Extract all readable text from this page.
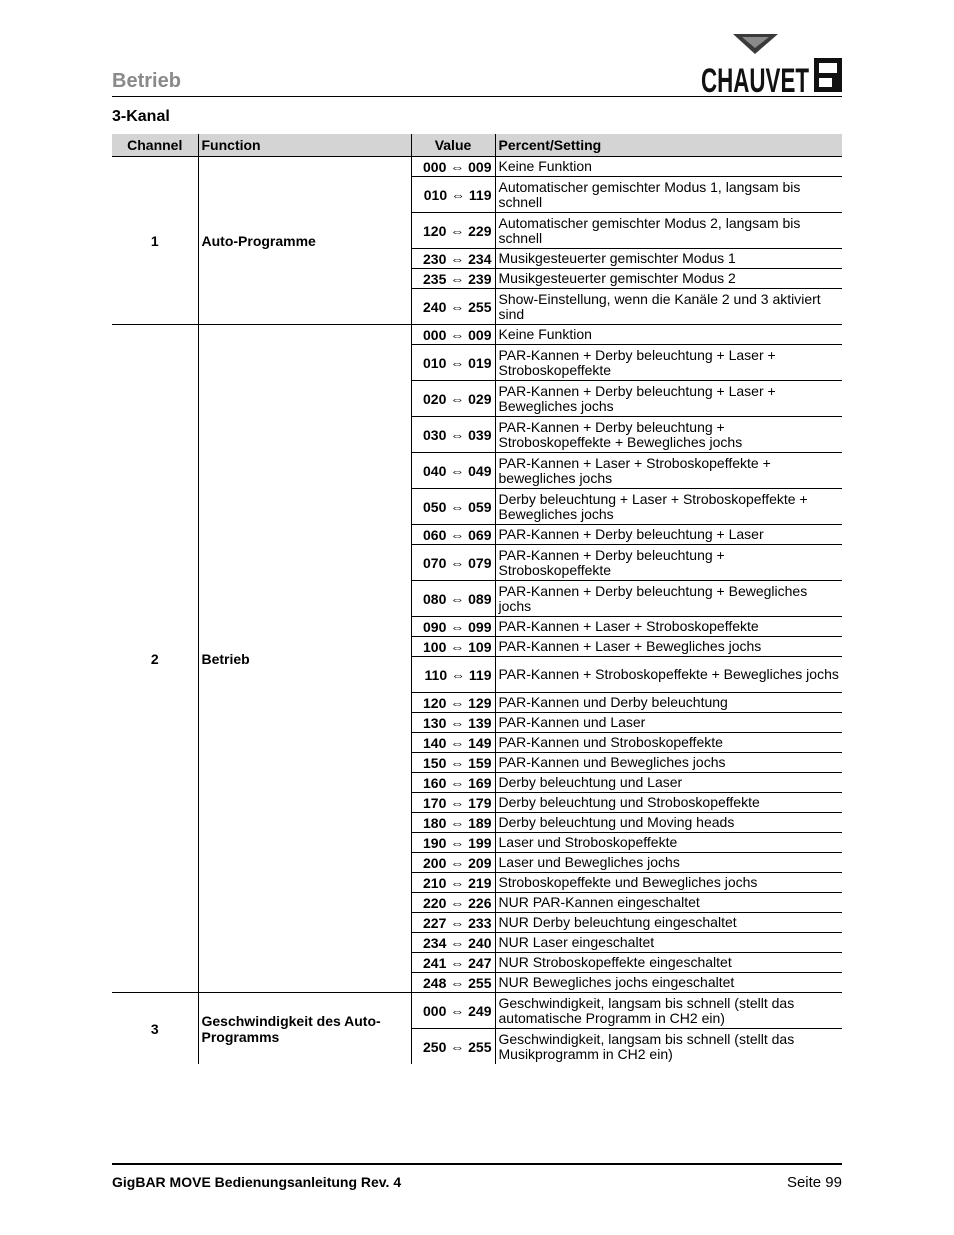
Betrieb	CHAUVET
3-Kanal
Channel	Function	Value	Percent/Setting
1	Auto-Programme	000 ⇔ 009	Keine Funktion
		010 ⇔ 119	Automatischer gemischter Modus 1, langsam bis schnell
		120 ⇔ 229	Automatischer gemischter Modus 2, langsam bis schnell
		230 ⇔ 234	Musikgesteuerter gemischter Modus 1
		235 ⇔ 239	Musikgesteuerter gemischter Modus 2
		240 ⇔ 255	Show-Einstellung, wenn die Kanäle 2 und 3 aktiviert sind
2	Betrieb	000 ⇔ 009	Keine Funktion
		010 ⇔ 019	PAR-Kannen + Derby beleuchtung + Laser + Stroboskopeffekte
		020 ⇔ 029	PAR-Kannen + Derby beleuchtung + Laser + Bewegliches jochs
		030 ⇔ 039	PAR-Kannen + Derby beleuchtung + Stroboskopeffekte + Bewegliches jochs
		040 ⇔ 049	PAR-Kannen + Laser + Stroboskopeffekte + bewegliches jochs
		050 ⇔ 059	Derby beleuchtung + Laser + Stroboskopeffekte + Bewegliches jochs
		060 ⇔ 069	PAR-Kannen + Derby beleuchtung + Laser
		070 ⇔ 079	PAR-Kannen + Derby beleuchtung + Stroboskopeffekte
		080 ⇔ 089	PAR-Kannen + Derby beleuchtung + Bewegliches jochs
		090 ⇔ 099	PAR-Kannen + Laser + Stroboskopeffekte
		100 ⇔ 109	PAR-Kannen + Laser + Bewegliches jochs
		110 ⇔ 119	PAR-Kannen + Stroboskopeffekte + Bewegliches jochs
		120 ⇔ 129	PAR-Kannen und Derby beleuchtung
		130 ⇔ 139	PAR-Kannen und Laser
		140 ⇔ 149	PAR-Kannen und Stroboskopeffekte
		150 ⇔ 159	PAR-Kannen und Bewegliches jochs
		160 ⇔ 169	Derby beleuchtung und Laser
		170 ⇔ 179	Derby beleuchtung und Stroboskopeffekte
		180 ⇔ 189	Derby beleuchtung und Moving heads
		190 ⇔ 199	Laser und Stroboskopeffekte
		200 ⇔ 209	Laser und Bewegliches jochs
		210 ⇔ 219	Stroboskopeffekte und Bewegliches jochs
		220 ⇔ 226	NUR PAR-Kannen eingeschaltet
		227 ⇔ 233	NUR Derby beleuchtung eingeschaltet
		234 ⇔ 240	NUR Laser eingeschaltet
		241 ⇔ 247	NUR Stroboskopeffekte eingeschaltet
		248 ⇔ 255	NUR Bewegliches jochs eingeschaltet
3	Geschwindigkeit des Auto-Programms	000 ⇔ 249	Geschwindigkeit, langsam bis schnell (stellt das automatische Programm in CH2 ein)
		250 ⇔ 255	Geschwindigkeit, langsam bis schnell (stellt das Musikprogramm in CH2 ein)
GigBAR MOVE Bedienungsanleitung Rev. 4	Seite 99
